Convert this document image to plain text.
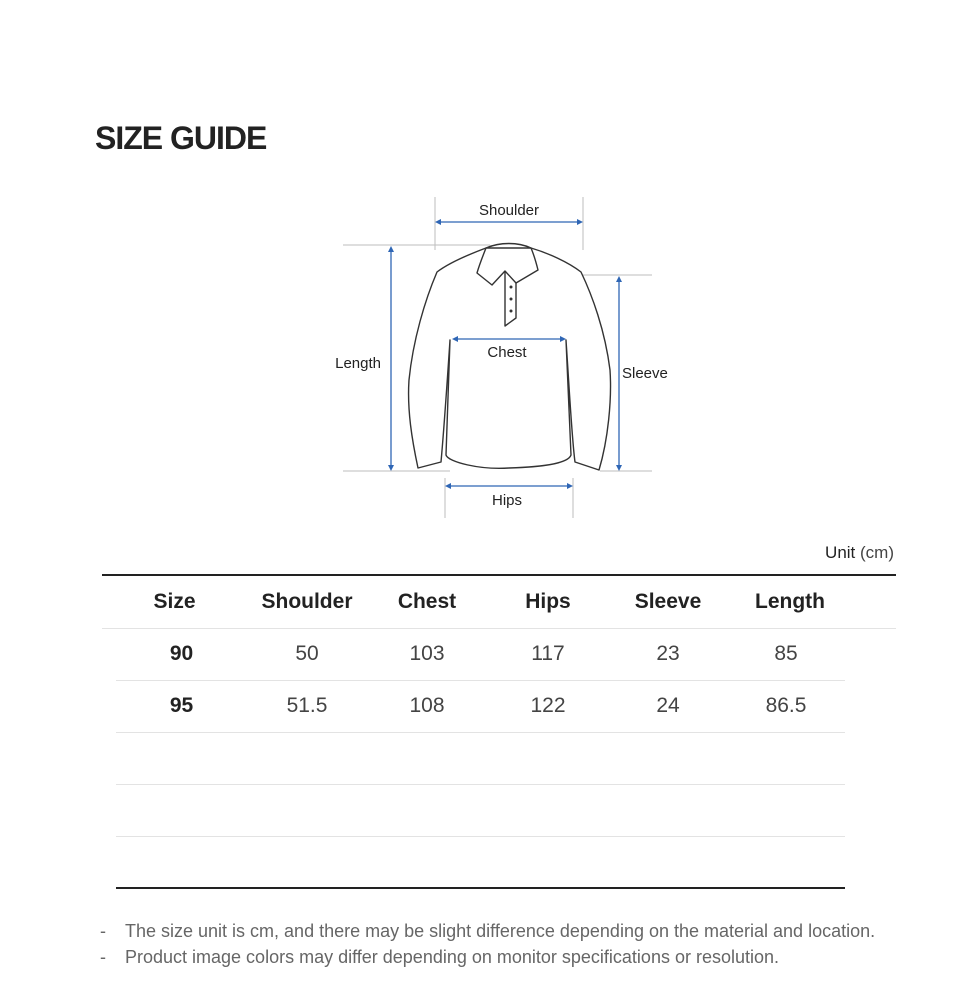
SIZE GUIDE
Shoulder
Chest
Length
Sleeve
Hips
Unit (cm)
Size	Shoulder	Chest	Hips	Sleeve	Length
90	50	103	117	23	85
95	51.5	108	122	24	86.5
-	The size unit is cm, and there may be slight difference depending on the material and location.
-	Product image colors may differ depending on monitor specifications or resolution.
